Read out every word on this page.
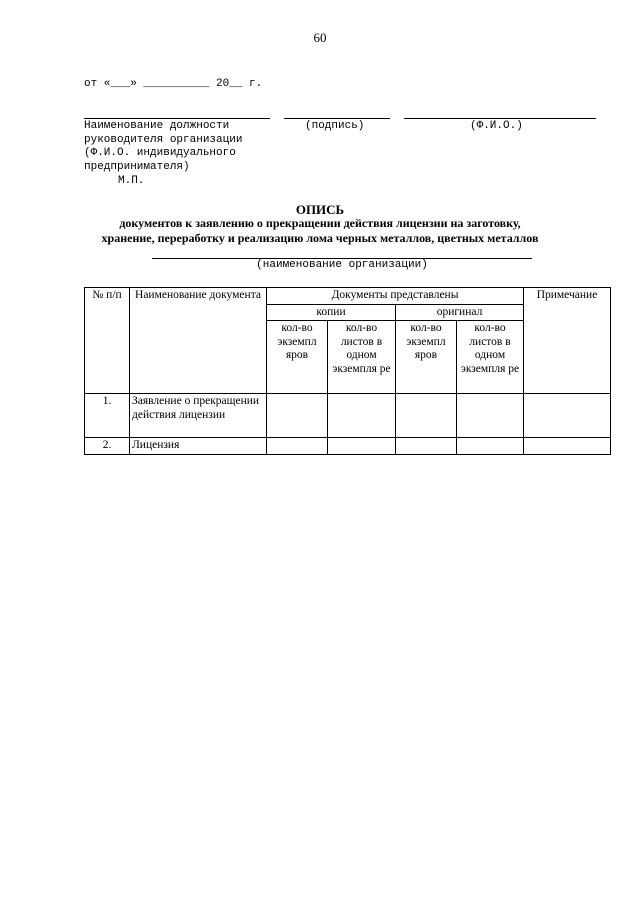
60
от «___» __________ 20__ г.
Наименование должности
руководителя организации
(Ф.И.О. индивидуального
предпринимателя)
(подпись)	(Ф.И.О.)
М.П.
ОПИСЬ
документов к заявлению о прекращении действия лицензии на заготовку,
хранение, переработку и реализацию лома черных металлов, цветных металлов
(наименование организации)
№ п/п	Наименование документа	Документы представлены				Примечание
		копии		оригинал		
		кол-во экземпл яров	кол-во листов в одном экземпля ре	кол-во экземпл яров	кол-во листов в одном экземпля ре	
1.	Заявление о прекращении действия лицензии					
2.	Лицензия					
